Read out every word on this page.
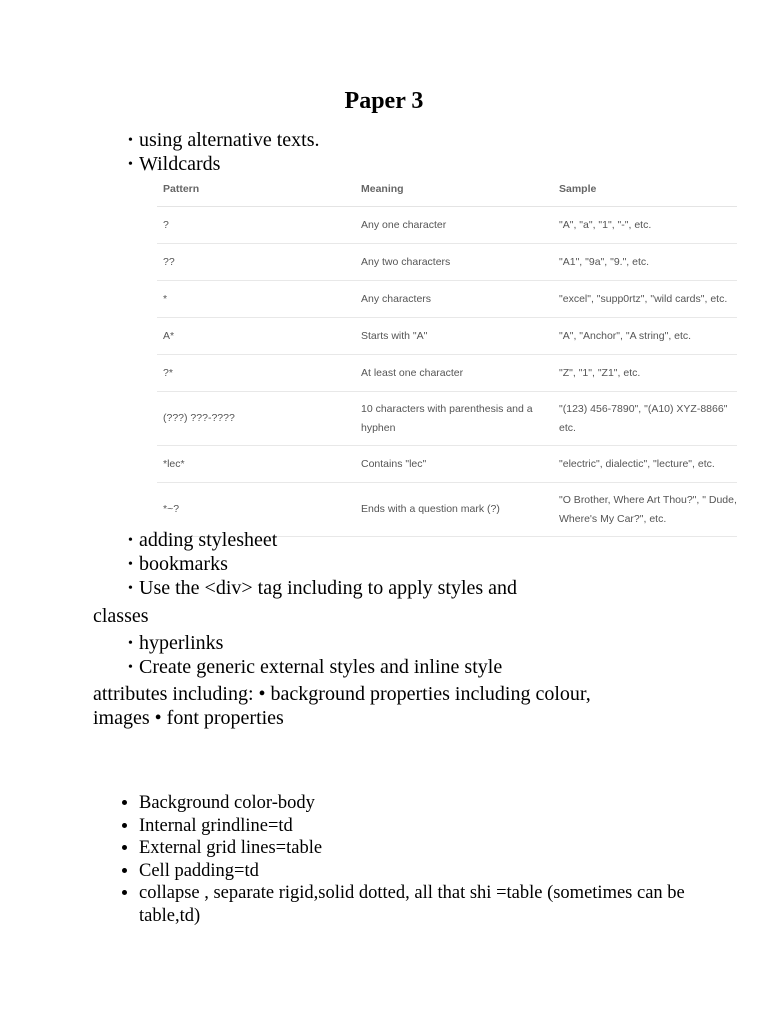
Paper 3
• using alternative texts.
• Wildcards
Pattern	Meaning	Sample
?	Any one character	"A", "a", "1", "-", etc.
??	Any two characters	"A1", "9a", "9.", etc.
*	Any characters	"excel", "supp0rtz", "wild cards", etc.
A*	Starts with "A"	"A", "Anchor", "A string", etc.
?*	At least one character	"Z", "1", "Z1", etc.
(???) ???-????	10 characters with parenthesis and a hyphen	"(123) 456-7890", "(A10) XYZ-8866" etc.
*lec*	Contains "lec"	"electric", dialectic", "lecture", etc.
*~?	Ends with a question mark (?)	"O Brother, Where Art Thou?", " Dude, Where's My Car?", etc.
• adding stylesheet
• bookmarks
• Use the <div> tag including to apply styles and
classes
• hyperlinks
• Create generic external styles and inline style
attributes including: • background properties including colour,
images • font properties
• Background color-body
• Internal grindline=td
• External grid lines=table
• Cell padding=td
• collapse , separate rigid,solid dotted, all that shi =table (sometimes can be table,td)
